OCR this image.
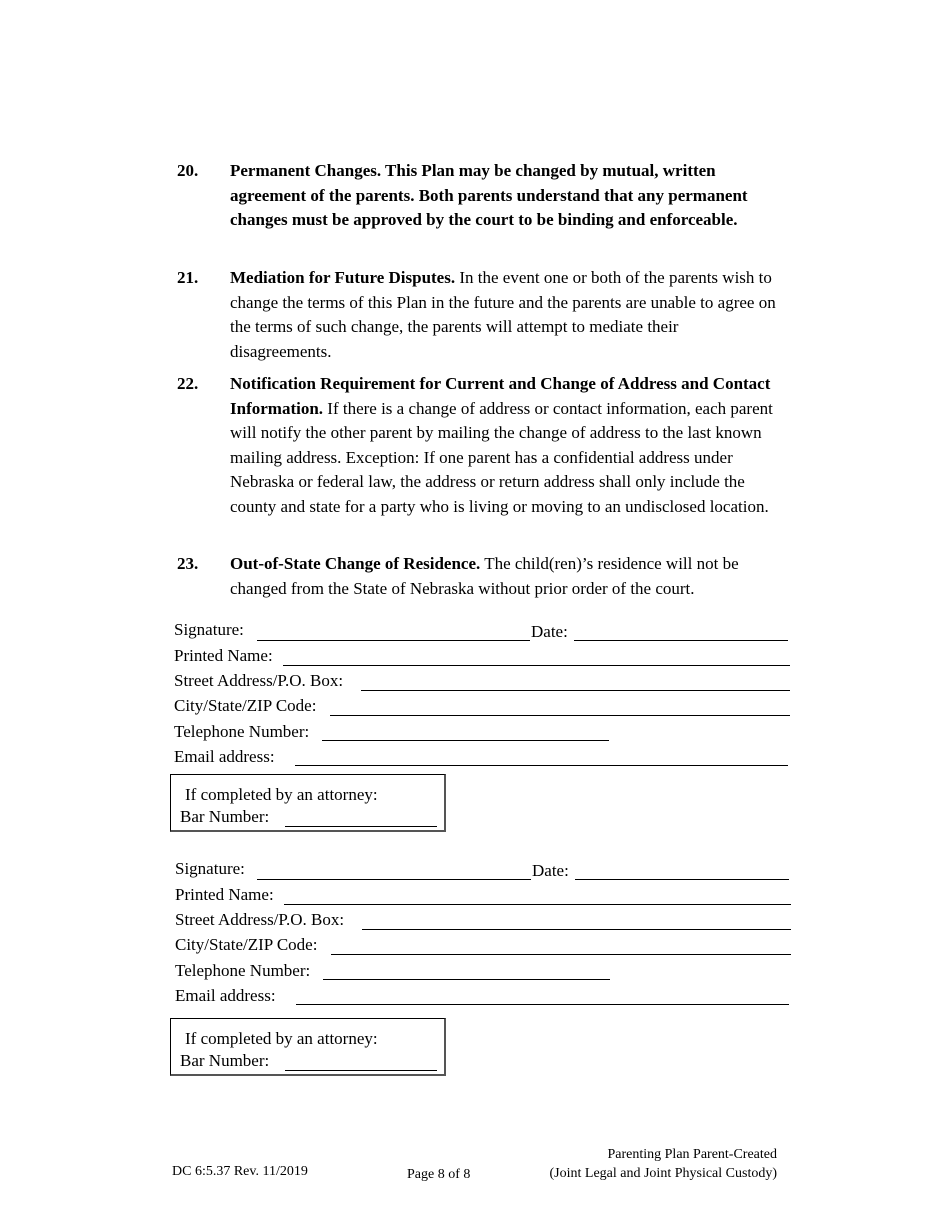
20. Permanent Changes. This Plan may be changed by mutual, written agreement of the parents. Both parents understand that any permanent changes must be approved by the court to be binding and enforceable.
21. Mediation for Future Disputes. In the event one or both of the parents wish to change the terms of this Plan in the future and the parents are unable to agree on the terms of such change, the parents will attempt to mediate their disagreements.
22. Notification Requirement for Current and Change of Address and Contact Information. If there is a change of address or contact information, each parent will notify the other parent by mailing the change of address to the last known mailing address. Exception: If one parent has a confidential address under Nebraska or federal law, the address or return address shall only include the county and state for a party who is living or moving to an undisclosed location.
23. Out-of-State Change of Residence. The child(ren)’s residence will not be changed from the State of Nebraska without prior order of the court.
Signature:	Date:
Printed Name:
Street Address/P.O. Box:
City/State/ZIP Code:
Telephone Number:
Email address:
If completed by an attorney:
Bar Number:
Signature:	Date:
Printed Name:
Street Address/P.O. Box:
City/State/ZIP Code:
Telephone Number:
Email address:
If completed by an attorney:
Bar Number:
DC 6:5.37 Rev. 11/2019	Page 8 of 8
Parenting Plan Parent-Created
(Joint Legal and Joint Physical Custody)
